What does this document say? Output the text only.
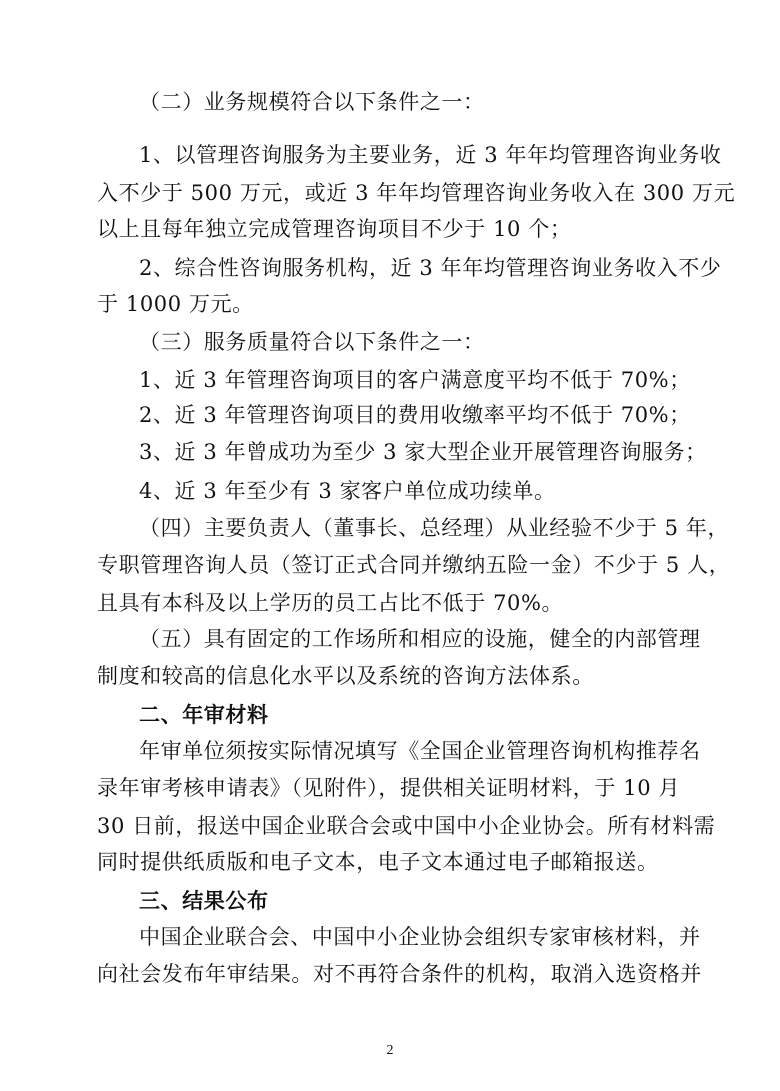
（二）业务规模符合以下条件之一：

1、以管理咨询服务为主要业务，近 3 年年均管理咨询业务收

入不少于 500 万元，或近 3 年年均管理咨询业务收入在 300 万元

以上且每年独立完成管理咨询项目不少于 10 个；

2、综合性咨询服务机构，近 3 年年均管理咨询业务收入不少

于 1000 万元。

（三）服务质量符合以下条件之一：

1、近 3 年管理咨询项目的客户满意度平均不低于 70%；

2、近 3 年管理咨询项目的费用收缴率平均不低于 70%；

3、近 3 年曾成功为至少 3 家大型企业开展管理咨询服务；

4、近 3 年至少有 3 家客户单位成功续单。

（四）主要负责人（董事长、总经理）从业经验不少于 5 年，

专职管理咨询人员（签订正式合同并缴纳五险一金）不少于 5 人，

且具有本科及以上学历的员工占比不低于 70%。

（五）具有固定的工作场所和相应的设施，健全的内部管理

制度和较高的信息化水平以及系统的咨询方法体系。

二、年审材料

年审单位须按实际情况填写《全国企业管理咨询机构推荐名

录年审考核申请表》（见附件），提供相关证明材料，于 10 月

30 日前，报送中国企业联合会或中国中小企业协会。所有材料需

同时提供纸质版和电子文本，电子文本通过电子邮箱报送。

三、结果公布

中国企业联合会、中国中小企业协会组织专家审核材料，并

向社会发布年审结果。对不再符合条件的机构，取消入选资格并

2
